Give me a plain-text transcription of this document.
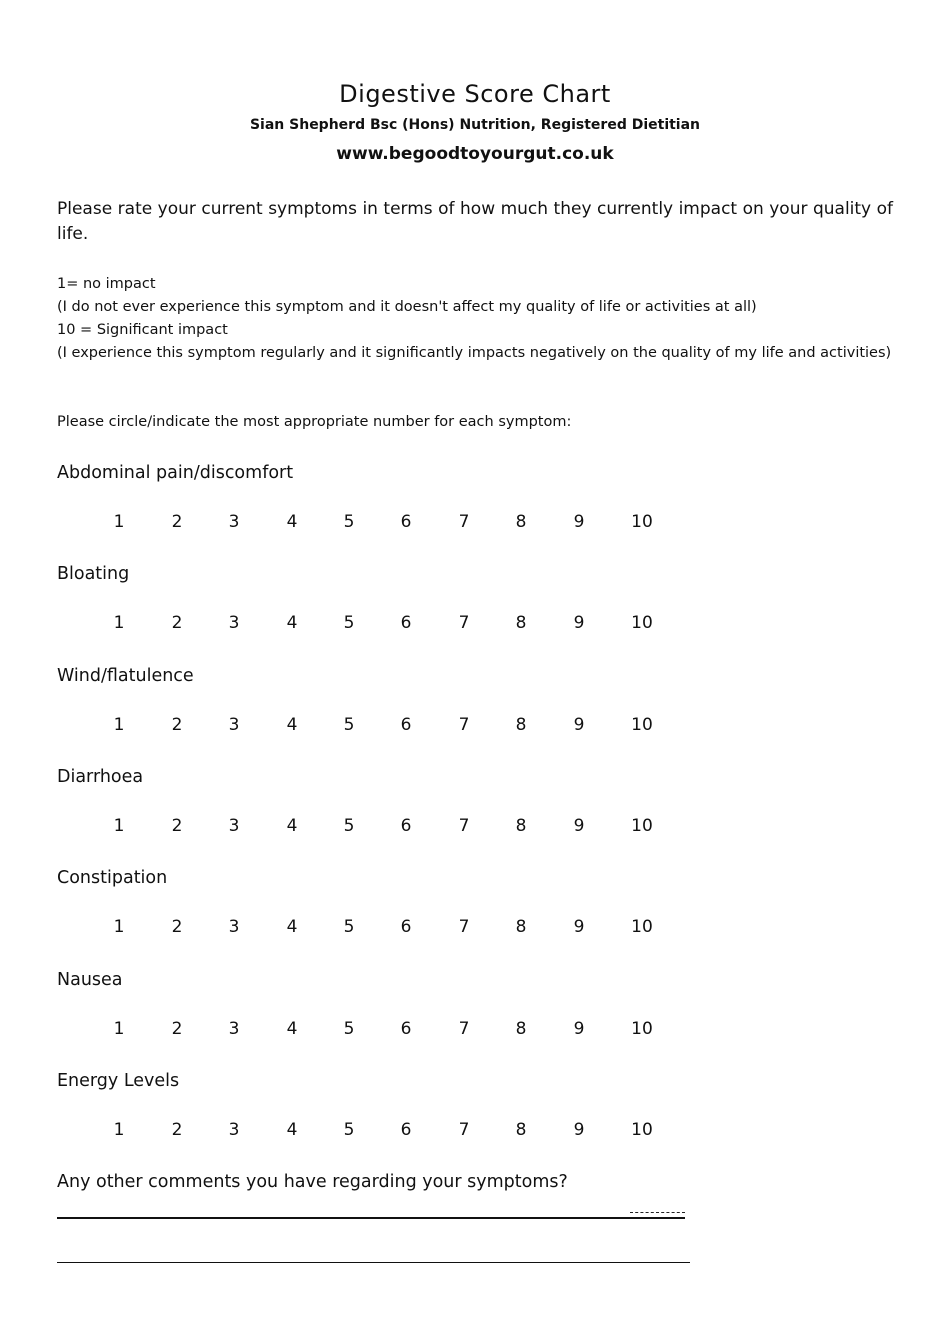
Digestive Score Chart
Sian Shepherd Bsc (Hons) Nutrition, Registered Dietitian
www.begoodtoyourgut.co.uk
Please rate your current symptoms in terms of how much they currently impact on your quality of life.
1= no impact
(I do not ever experience this symptom and it doesn't affect my quality of life or activities at all)
10 = Significant impact
(I experience this symptom regularly and it significantly impacts negatively on the quality of my life and activities)
Please circle/indicate the most appropriate number for each symptom:
Abdominal pain/discomfort
1	2	3	4	5	6	7	8	9	10
Bloating
1	2	3	4	5	6	7	8	9	10
Wind/flatulence
1	2	3	4	5	6	7	8	9	10
Diarrhoea
1	2	3	4	5	6	7	8	9	10
Constipation
1	2	3	4	5	6	7	8	9	10
Nausea
1	2	3	4	5	6	7	8	9	10
Energy Levels
1	2	3	4	5	6	7	8	9	10
Any other comments you have regarding your symptoms?
